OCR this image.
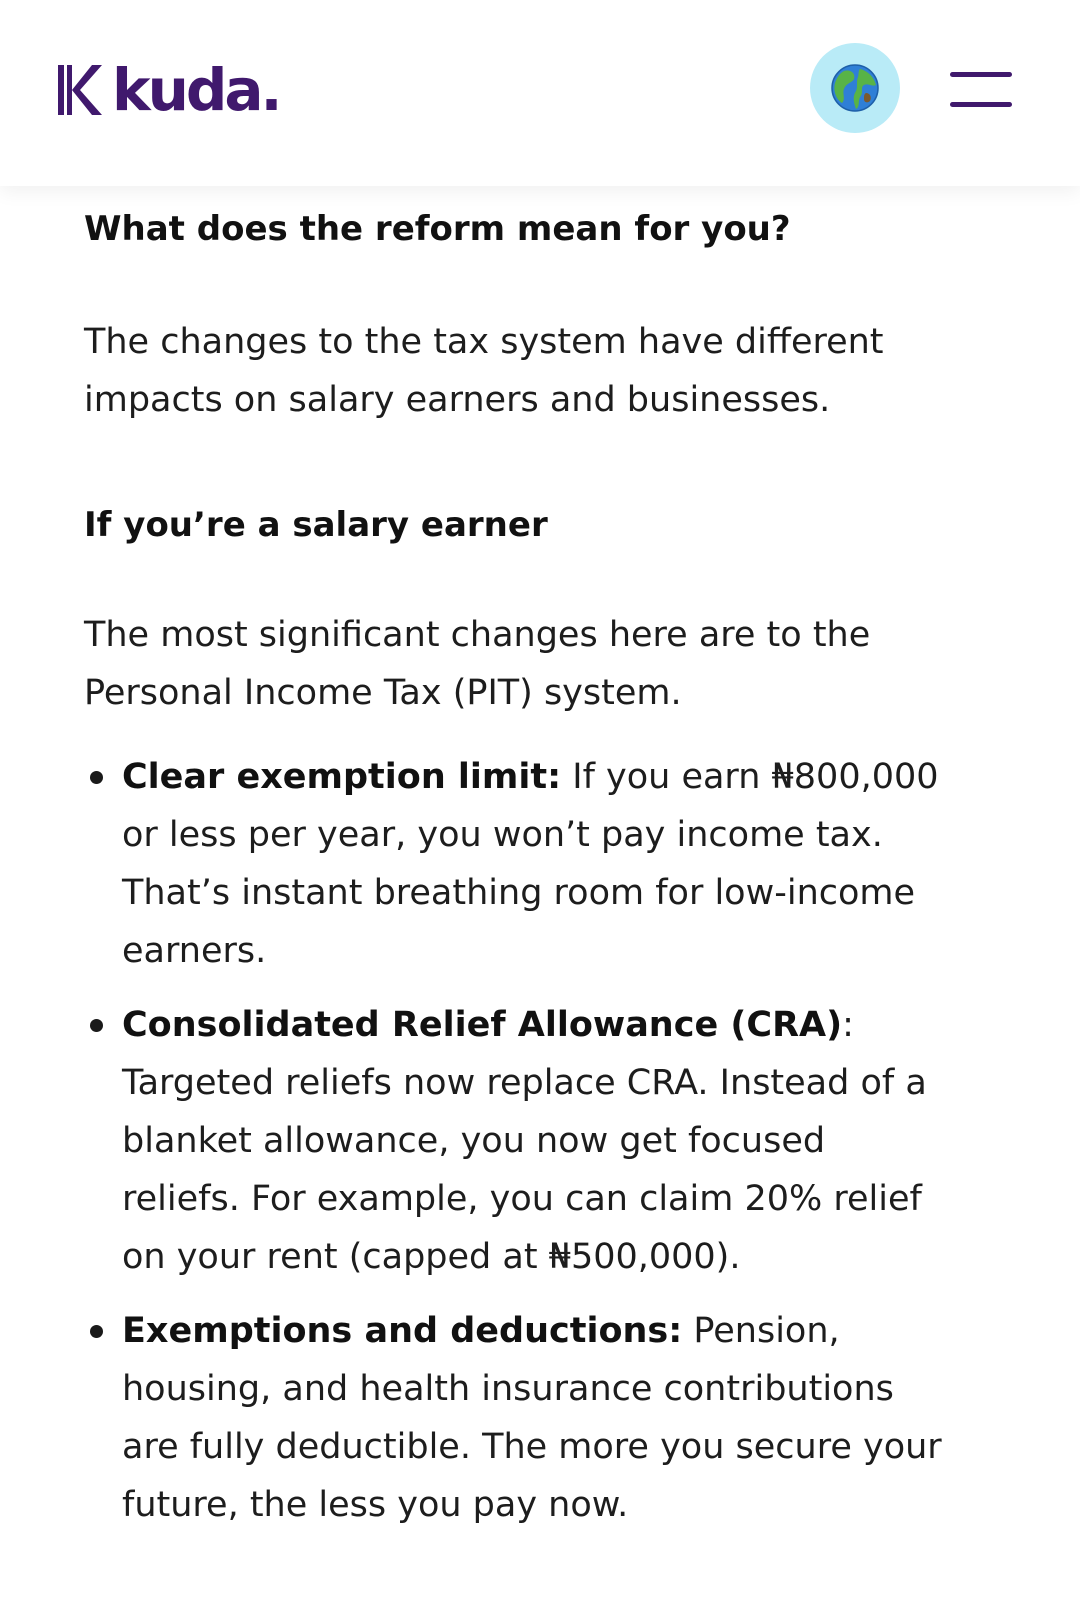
kuda.
What does the reform mean for you?

The changes to the tax system have different impacts on salary earners and businesses.

If you’re a salary earner

The most significant changes here are to the Personal Income Tax (PIT) system.

Clear exemption limit: If you earn ₦800,000 or less per year, you won’t pay income tax. That’s instant breathing room for low-income earners.
Consolidated Relief Allowance (CRA): Targeted reliefs now replace CRA. Instead of a blanket allowance, you now get focused reliefs. For example, you can claim 20% relief on your rent (capped at ₦500,000).
Exemptions and deductions: Pension, housing, and health insurance contributions are fully deductible. The more you secure your future, the less you pay now.
